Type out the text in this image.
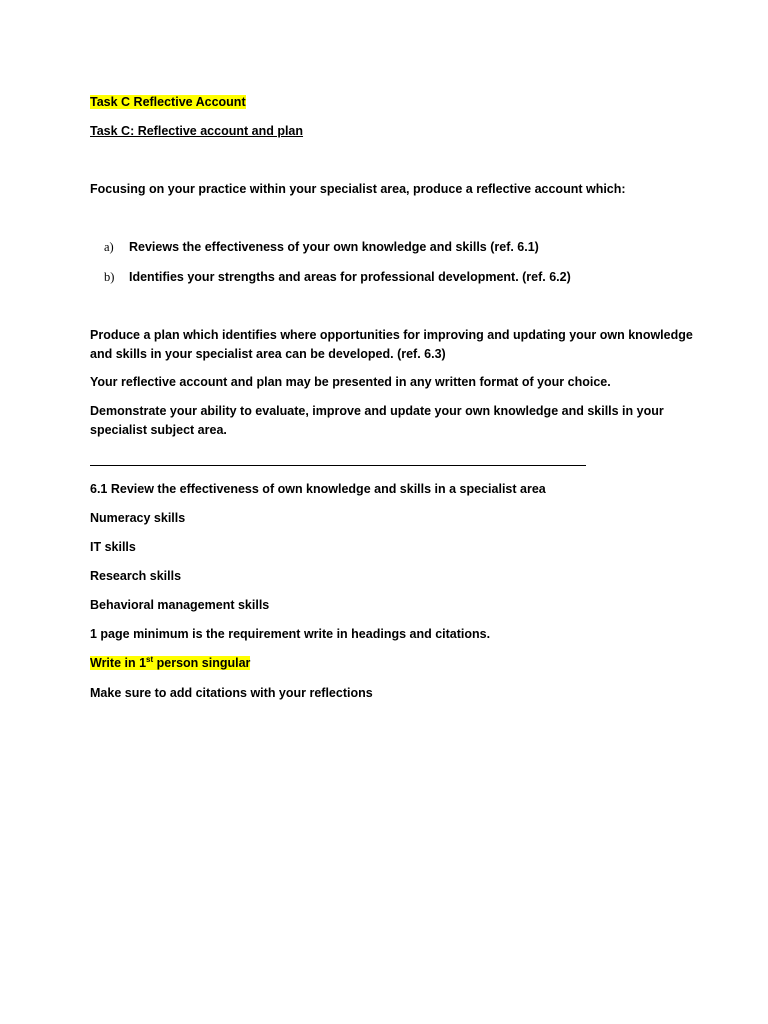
Task C Reflective Account
Task C: Reflective account and plan
Focusing on your practice within your specialist area, produce a reflective account which:
a) Reviews the effectiveness of your own knowledge and skills (ref. 6.1)
b) Identifies your strengths and areas for professional development. (ref. 6.2)
Produce a plan which identifies where opportunities for improving and updating your own knowledge
and skills in your specialist area can be developed. (ref. 6.3)
Your reflective account and plan may be presented in any written format of your choice.
Demonstrate your ability to evaluate, improve and update your own knowledge and skills in your
specialist subject area.
6.1 Review the effectiveness of own knowledge and skills in a specialist area
Numeracy skills
IT skills
Research skills
Behavioral management skills
1 page minimum is the requirement write in headings and citations.
Write in 1st person singular
Make sure to add citations with your reflections
